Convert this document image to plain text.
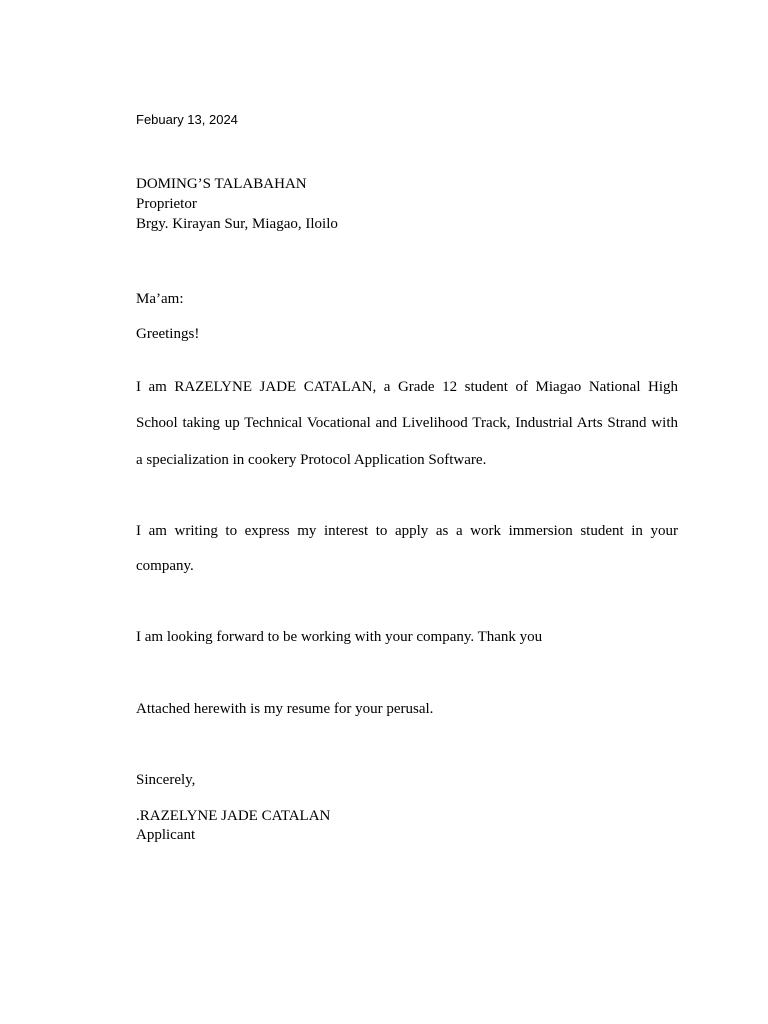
Febuary 13, 2024

DOMING’S TALABAHAN

Proprietor

Brgy. Kirayan Sur, Miagao, Iloilo

Ma’am:

Greetings!

I am RAZELYNE JADE CATALAN, a Grade 12 student of Miagao National High

School taking up Technical Vocational and Livelihood Track, Industrial Arts Strand with

a specialization in cookery Protocol Application Software.

I am writing to express my interest to apply as a work immersion student in your

company.

I am looking forward to be working with your company. Thank you

Attached herewith is my resume for your perusal.

Sincerely,

.RAZELYNE JADE CATALAN

Applicant
